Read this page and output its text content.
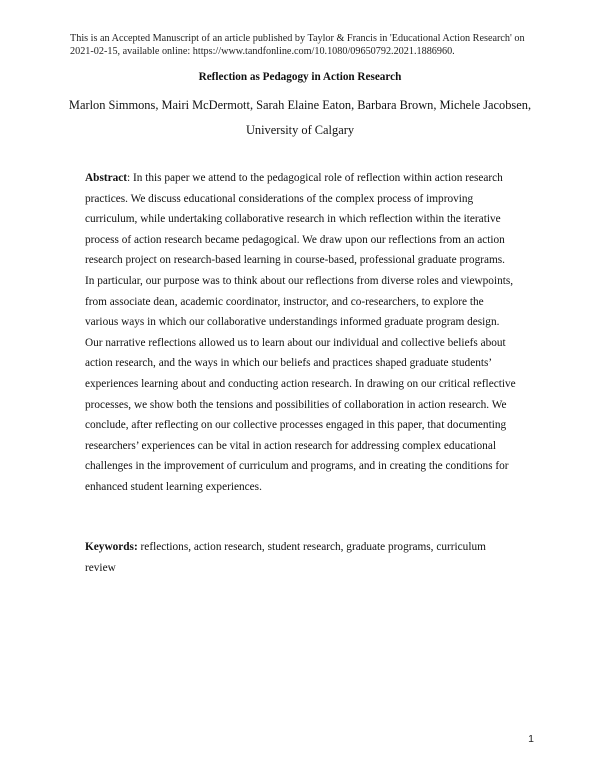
This is an Accepted Manuscript of an article published by Taylor & Francis in 'Educational Action Research' on 2021-02-15, available online: https://www.tandfonline.com/10.1080/09650792.2021.1886960.
Reflection as Pedagogy in Action Research
Marlon Simmons, Mairi McDermott, Sarah Elaine Eaton, Barbara Brown, Michele Jacobsen,
University of Calgary
Abstract: In this paper we attend to the pedagogical role of reflection within action research practices. We discuss educational considerations of the complex process of improving curriculum, while undertaking collaborative research in which reflection within the iterative process of action research became pedagogical. We draw upon our reflections from an action research project on research-based learning in course-based, professional graduate programs. In particular, our purpose was to think about our reflections from diverse roles and viewpoints, from associate dean, academic coordinator, instructor, and co-researchers, to explore the various ways in which our collaborative understandings informed graduate program design. Our narrative reflections allowed us to learn about our individual and collective beliefs about action research, and the ways in which our beliefs and practices shaped graduate students’ experiences learning about and conducting action research. In drawing on our critical reflective processes, we show both the tensions and possibilities of collaboration in action research. We conclude, after reflecting on our collective processes engaged in this paper, that documenting researchers’ experiences can be vital in action research for addressing complex educational challenges in the improvement of curriculum and programs, and in creating the conditions for enhanced student learning experiences.
Keywords: reflections, action research, student research, graduate programs, curriculum review
1
